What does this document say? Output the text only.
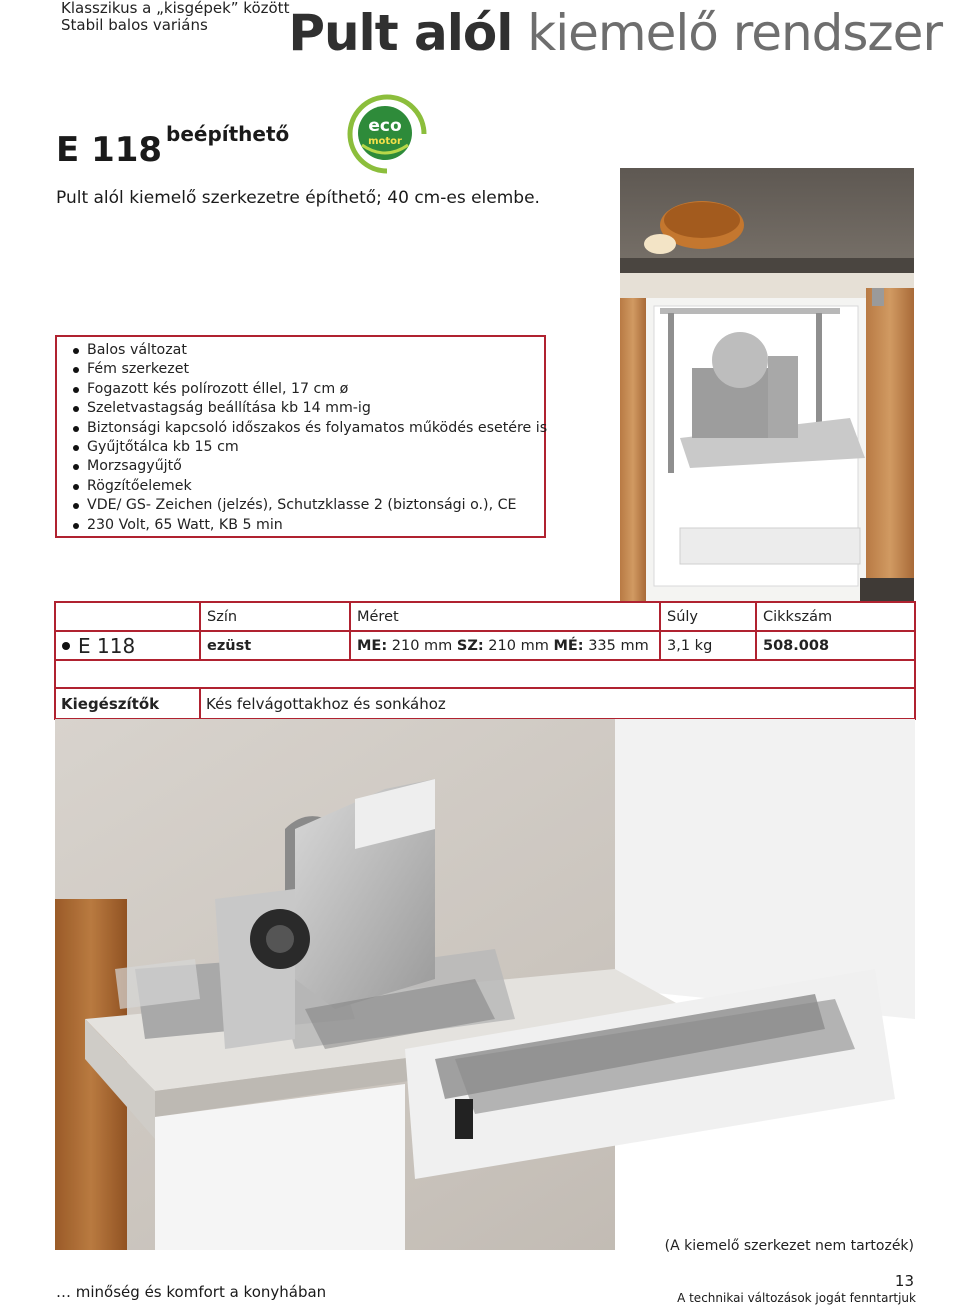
Klasszikus a „kisgépek” között
Stabil balos variáns Pult alól kiemelő rendszer
E 118 beépíthető	eco
motor
Pult alól kiemelő szerkezetre építhető; 40 cm-es elembe.
Balos változat
Fém szerkezet
Fogazott kés polírozott éllel, 17 cm ø
Szeletvastagság beállítása kb 14 mm-ig
Biztonsági kapcsoló időszakos és folyamatos működés esetére is
Gyűjtőtálca kb 15 cm
Morzsagyűjtő
Rögzítőelemek
VDE/ GS- Zeichen (jelzés), Schutzklasse 2 (biztonsági o.), CE
230 Volt, 65 Watt, KB 5 min
	Szín	Méret	Súly	Cikkszám

E 118	ezüst	ME: 210 mm SZ: 210 mm MÉ: 335 mm	3,1 kg	508.008

Kiegészítők	Kés felvágottakhoz és sonkához
(A kiemelő szerkezet nem tartozék)
… minőség és komfort a konyhában
13
A technikai változások jogát fenntartjuk
